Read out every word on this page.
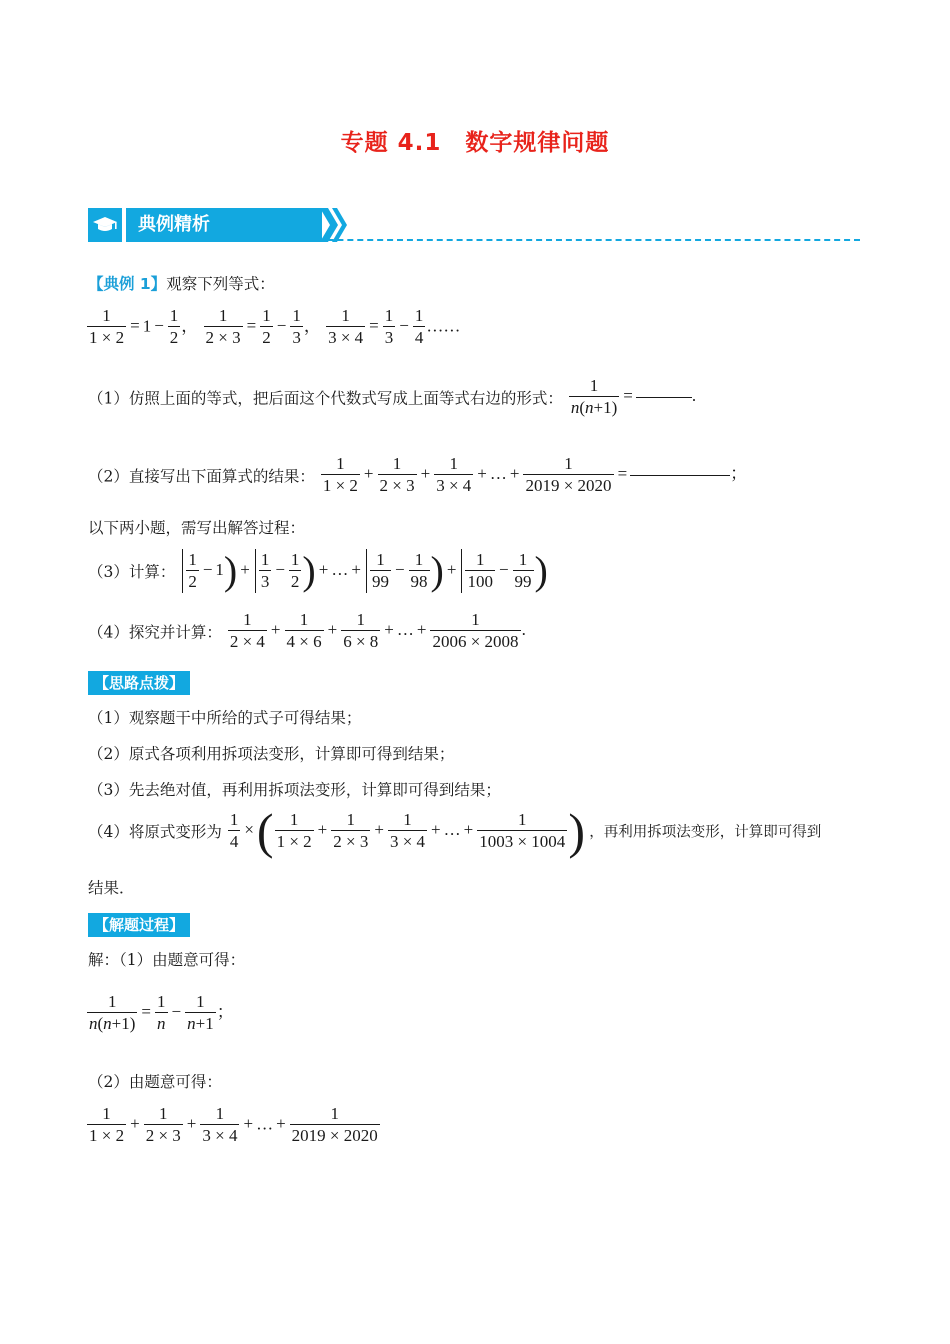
专题 4.1　数字规律问题
典例精析
【典例 1】观察下列等式：
$\frac{1}{1 \times 2} = 1 - \frac{1}{2}$ ， $\frac{1}{2 \times 3} = \frac{1}{2} - \frac{1}{3}$ ， $\frac{1}{3 \times 4} = \frac{1}{3} - \frac{1}{4}$ ……
（1）仿照上面的等式，把后面这个代数式写成上面等式右边的形式： $\frac{1}{n(n+1)}$ =	.
（2）直接写出下面算式的结果： $\frac{1}{1 \times 2} + \frac{1}{2 \times 3} + \frac{1}{3 \times 4}$ + … + $\frac{1}{2019 \times 2020}$ =	；
以下两小题，需写出解答过程：
（3）计算： $\frac{1}{2} - 1) + \frac{1}{3} - \frac{1}{2}$ ) + … + $\frac{1}{99} - \frac{1}{98}$ ) + $\frac{1}{100} - \frac{1}{99}$ )
（4）探究并计算： $\frac{1}{2 \times 4} + \frac{1}{4 \times 6} + \frac{1}{6 \times 8}$ + … + $\frac{1}{2006 \times 2008}$ .
【思路点拨】
（1）观察题干中所给的式子可得结果；
（2）原式各项利用拆项法变形，计算即可得到结果；
（3）先去绝对值，再利用拆项法变形，计算即可得到结果；
（4）将原式变形为 $\frac{1}{4}$ ×( $\frac{1}{1 \times 2} + \frac{1}{2 \times 3} + \frac{1}{3 \times 4}$ + … + $\frac{1}{1003 \times 1004}$ ) ，再利用拆项法变形，计算即可得到
结果．
【解题过程】
解：（1）由题意可得：
$\frac{1}{n(n+1)} = \frac{1}{n} - \frac{1}{n+1}$ ；
（2）由题意可得：
$\frac{1}{1 \times 2} + \frac{1}{2 \times 3} + \frac{1}{3 \times 4}$ + … + $\frac{1}{2019 \times 2020}$
